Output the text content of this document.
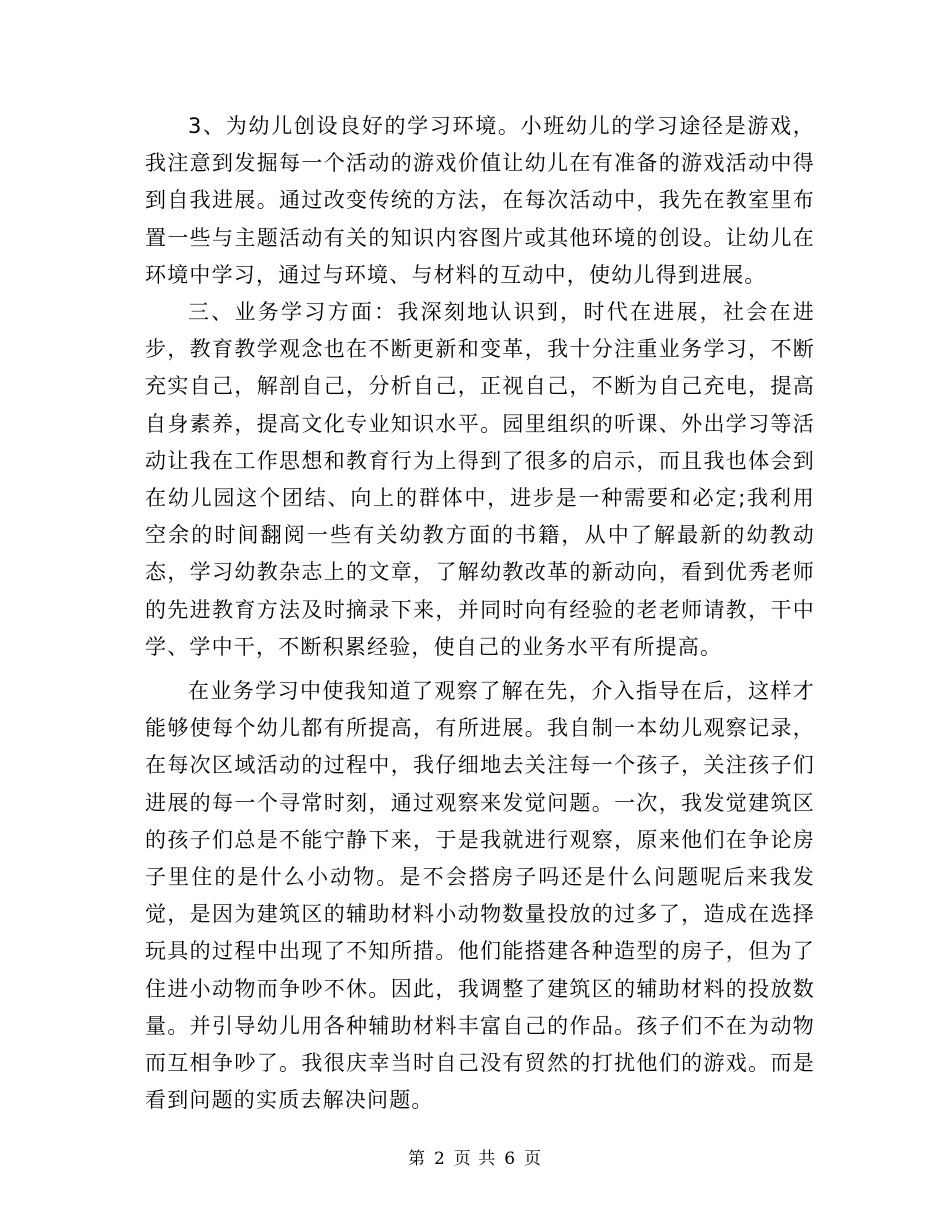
3、为幼儿创设良好的学习环境。小班幼儿的学习途径是游戏，我注意到发掘每一个活动的游戏价值让幼儿在有准备的游戏活动中得到自我进展。通过改变传统的方法，在每次活动中，我先在教室里布置一些与主题活动有关的知识内容图片或其他环境的创设。让幼儿在环境中学习，通过与环境、与材料的互动中，使幼儿得到进展。

三、业务学习方面：我深刻地认识到，时代在进展，社会在进步，教育教学观念也在不断更新和变革，我十分注重业务学习，不断充实自己，解剖自己，分析自己，正视自己，不断为自己充电，提高自身素养，提高文化专业知识水平。园里组织的听课、外出学习等活动让我在工作思想和教育行为上得到了很多的启示，而且我也体会到在幼儿园这个团结、向上的群体中，进步是一种需要和必定;我利用空余的时间翻阅一些有关幼教方面的书籍，从中了解最新的幼教动态，学习幼教杂志上的文章，了解幼教改革的新动向，看到优秀老师的先进教育方法及时摘录下来，并同时向有经验的老老师请教，干中学、学中干，不断积累经验，使自己的业务水平有所提高。

在业务学习中使我知道了观察了解在先，介入指导在后，这样才能够使每个幼儿都有所提高，有所进展。我自制一本幼儿观察记录，在每次区域活动的过程中，我仔细地去关注每一个孩子，关注孩子们进展的每一个寻常时刻，通过观察来发觉问题。一次，我发觉建筑区的孩子们总是不能宁静下来，于是我就进行观察，原来他们在争论房子里住的是什么小动物。是不会搭房子吗还是什么问题呢后来我发觉，是因为建筑区的辅助材料小动物数量投放的过多了，造成在选择玩具的过程中出现了不知所措。他们能搭建各种造型的房子，但为了住进小动物而争吵不休。因此，我调整了建筑区的辅助材料的投放数量。并引导幼儿用各种辅助材料丰富自己的作品。孩子们不在为动物而互相争吵了。我很庆幸当时自己没有贸然的打扰他们的游戏。而是看到问题的实质去解决问题。

第 2 页 共 6 页
